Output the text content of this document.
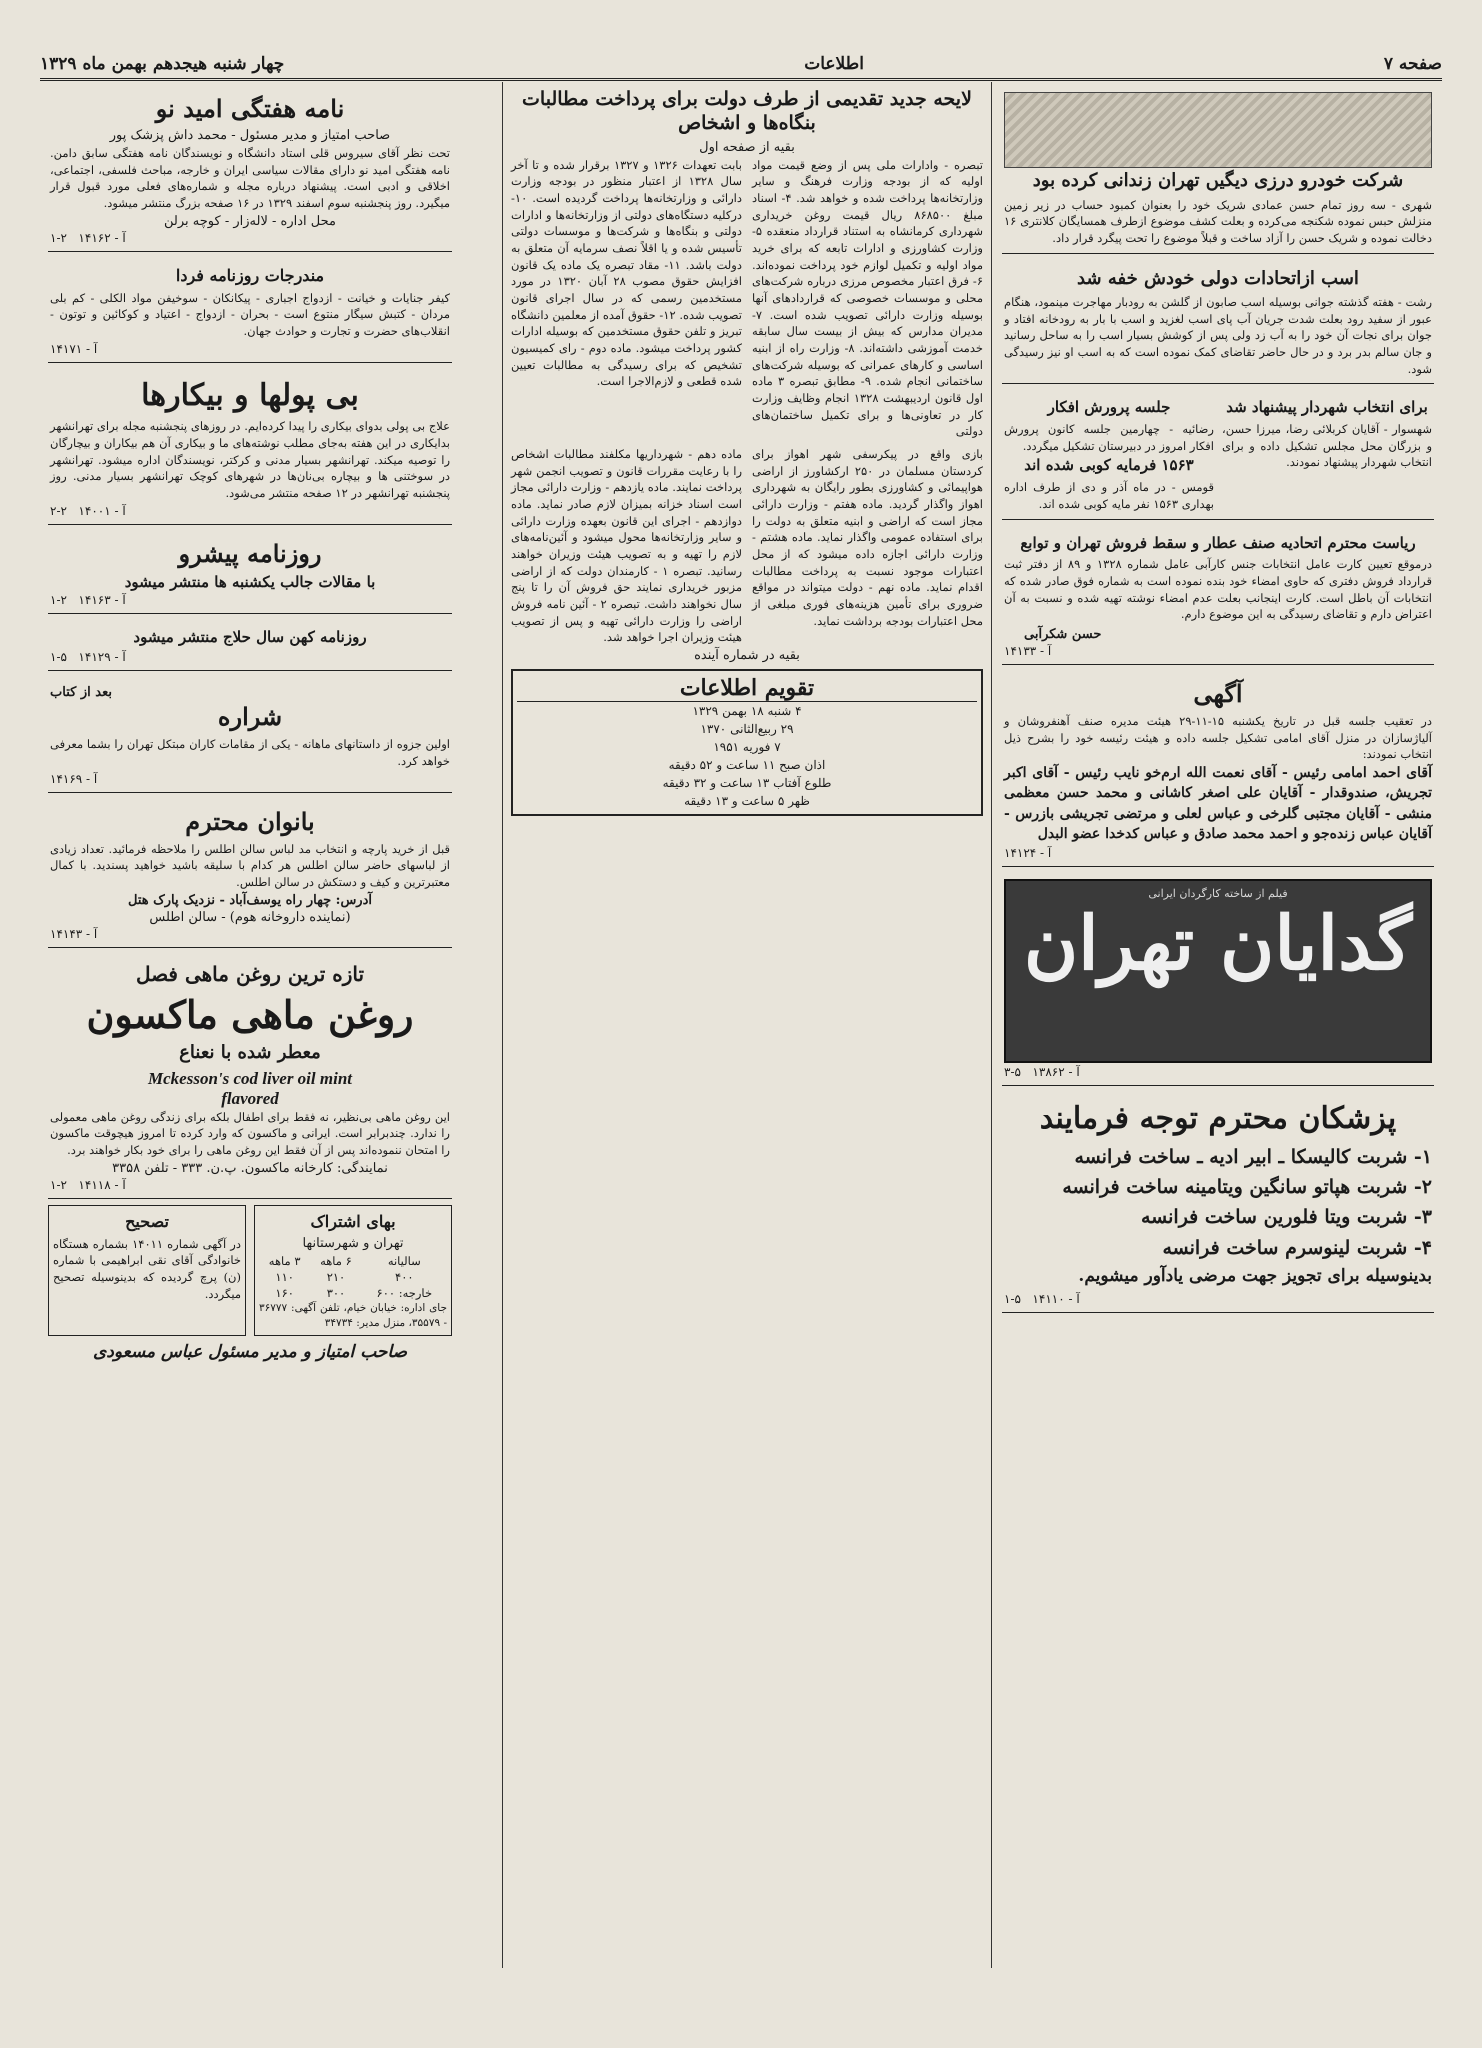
صفحه ۷
اطلاعات
چهار شنبه هیجدهم بهمن ماه ۱۳۲۹
شرکت خودرو درزی دیگیں تهران زندانی کرده بود
شهری - سه روز تمام حسن عمادی شریک خود را بعنوان کمبود حساب در زیر زمین منزلش حبس نموده شکنجه می‌کرده و بعلت کشف موضوع ازطرف همسایگان کلانتری ۱۶ دخالت نموده و شریک حسن را آزاد ساخت و قبلاً موضوع را تحت پیگرد قرار داد.
اسب ازاتحادات دولی خودش خفه شد
رشت - هفته گذشته جوانی بوسیله اسب صابون از گلشن به رودبار مهاجرت مینمود، هنگام عبور از سفید رود بعلت شدت جریان آب پای اسب لغزید و اسب با بار به رودخانه افتاد و جوان برای نجات آن خود را به آب زد ولی پس از کوشش بسیار اسب را به ساحل رسانید و جان سالم بدر برد و در حال حاضر تقاضای کمک نموده است که به اسب او نیز رسیدگی شود.
برای انتخاب شهردار پیشنهاد شد
شهسوار - آقایان کربلائی رضا، میرزا حسن، و بزرگان محل مجلس تشکیل داده و برای انتخاب شهردار پیشنهاد نمودند.
جلسه پرورش افکار
رضائیه - چهارمین جلسه کانون پرورش افکار امروز در دبیرستان تشکیل میگردد.
۱۵۶۳ فرمایه کوبی شده اند
قومس - در ماه آذر و دی از طرف اداره بهداری ۱۵۶۳ نفر مایه کوبی شده اند.
ریاست محترم اتحادیه صنف عطار و سقط فروش تهران و توابع
درموقع تعیین کارت عامل انتخابات جنس کارآبی عامل شماره ۱۳۲۸ و ۸۹ از دفتر ثبت قرارداد فروش دفتری که حاوی امضاء خود بنده نموده است به شماره فوق صادر شده که انتخابات آن باطل است. کارت اینجانب بعلت عدم امضاء نوشته تهیه شده و نسبت به آن اعتراض دارم و تقاضای رسیدگی به این موضوع دارم.
حسن شکرآبی
آ - ۱۴۱۳۳
آگهی
در تعقیب جلسه قبل در تاریخ یکشنبه ۱۵-۱۱-۲۹ هیئت مدیره صنف آهنفروشان و آلیاژسازان در منزل آقای امامی تشکیل جلسه داده و هیئت رئیسه خود را بشرح ذیل انتخاب نمودند:
آقای احمد امامی رئیس - آقای نعمت الله ارم‌خو نایب رئیس - آقای اکبر تجریش، صندوقدار - آقایان علی اصغر کاشانی و محمد حسن معظمی منشی - آقایان مجتبی گلرخی و عباس لعلی و مرتضی تجریشی بازرس - آقایان عباس زنده‌جو و احمد محمد صادق و عباس کدخدا عضو البدل
آ - ۱۴۱۲۴
فیلم از ساخته کارگردان ایرانی
گدایان تهران
آ - ۱۳۸۶۲   ۵-۳
پزشکان محترم توجه فرمایند
۱- شربت کالیسکا ـ ابیر ادیه ـ ساخت فرانسه
۲- شربت هپاتو سانگین ویتامینه ساخت فرانسه
۳- شربت ویتا فلورین ساخت فرانسه
۴- شربت لینوسرم ساخت فرانسه
بدینوسیله برای تجویز جهت مرضی یادآور میشویم.
آ - ۱۴۱۱۰   ۵-۱
لایحه جدید تقدیمی از طرف دولت برای پرداخت مطالبات بنگاه‌ها و اشخاص
بقیه از صفحه اول
تبصره - وادارات ملی پس از وضع قیمت مواد اولیه که از بودجه وزارت فرهنگ و سایر وزارتخانه‌ها پرداخت شده و خواهد شد. ۴- اسناد مبلغ ۸۶۸۵۰۰ ریال قیمت روغن خریداری شهرداری کرمانشاه به استناد قرارداد منعقده ۵- وزارت کشاورزی و ادارات تابعه که برای خرید مواد اولیه و تکمیل لوازم خود پرداخت نموده‌اند. ۶- فرق اعتبار مخصوص مرزی درباره شرکت‌های محلی و موسسات خصوصی که قراردادهای آنها بوسیله وزارت دارائی تصویب شده است. ۷- مدیران مدارس که بیش از بیست سال سابقه خدمت آموزشی داشته‌اند. ۸- وزارت راه از ابنیه اساسی و کارهای عمرانی که بوسیله شرکت‌های ساختمانی انجام شده. ۹- مطابق تبصره ۳ ماده اول قانون اردیبهشت ۱۳۲۸ انجام وظایف وزارت کار در تعاونی‌ها و برای تکمیل ساختمان‌های دولتی
بابت تعهدات ۱۳۲۶ و ۱۳۲۷ برقرار شده و تا آخر سال ۱۳۲۸ از اعتبار منظور در بودجه وزارت دارائی و وزارتخانه‌ها پرداخت گردیده است. ۱۰- درکلیه دستگاه‌های دولتی از وزارتخانه‌ها و ادارات دولتی و بنگاه‌ها و شرکت‌ها و موسسات دولتی تأسیس شده و یا اقلاً نصف سرمایه آن متعلق به دولت باشد. ۱۱- مقاد تبصره یک ماده یک قانون افزایش حقوق مصوب ۲۸ آبان ۱۳۲۰ در مورد مستخدمین رسمی که در سال اجرای قانون تصویب شده. ۱۲- حقوق آمده از معلمین دانشگاه تبریز و تلفن حقوق مستخدمین که بوسیله ادارات کشور پرداخت میشود. ماده دوم - رای کمیسیون تشخیص که برای رسیدگی به مطالبات تعیین شده قطعی و لازم‌الاجرا است.
بازی واقع در پیکرسفی شهر اهواز برای کردستان مسلمان در ۲۵۰ ارکشاورز از اراضی هواپیمائی و کشاورزی بطور رایگان به شهرداری اهواز واگذار گردید. ماده هفتم - وزارت دارائی مجاز است که اراضی و ابنیه متعلق به دولت را برای استفاده عمومی واگذار نماید. ماده هشتم - وزارت دارائی اجازه داده میشود که از محل اعتبارات موجود نسبت به پرداخت مطالبات اقدام نماید. ماده نهم - دولت میتواند در مواقع ضروری برای تأمین هزینه‌های فوری مبلغی از محل اعتبارات بودجه برداشت نماید.
ماده دهم - شهرداریها مکلفند مطالبات اشخاص را با رعایت مقررات قانون و تصویب انجمن شهر پرداخت نمایند. ماده یازدهم - وزارت دارائی مجاز است اسناد خزانه بمیزان لازم صادر نماید. ماده دوازدهم - اجرای این قانون بعهده وزارت دارائی و سایر وزارتخانه‌ها محول میشود و آئین‌نامه‌های لازم را تهیه و به تصویب هیئت وزیران خواهند رسانید. تبصره ۱ - کارمندان دولت که از اراضی مزبور خریداری نمایند حق فروش آن را تا پنج سال نخواهند داشت. تبصره ۲ - آئین نامه فروش اراضی را وزارت دارائی تهیه و پس از تصویب هیئت وزیران اجرا خواهد شد.
بقیه در شماره آینده
تقویم اطلاعات
۴ شنبه ۱۸ بهمن ۱۳۲۹
۲۹ ربیع‌الثانی ۱۳۷۰
۷ فوریه ۱۹۵۱
اذان صبح ۱۱ ساعت و ۵۲ دقیقه
طلوع آفتاب ۱۳ ساعت و ۳۲ دقیقه
ظهر ۵ ساعت و ۱۳ دقیقه
نامه هفتگی امید نو
صاحب امتیاز و مدیر مسئول - محمد داش پزشک پور
تحت نظر آقای سیروس قلی استاد دانشگاه و نویسندگان نامه هفتگی سابق دامن. نامه هفتگی امید نو دارای مقالات سیاسی ایران و خارجه، مباحث فلسفی، اجتماعی، اخلاقی و ادبی است. پیشنهاد درباره مجله و شماره‌های فعلی مورد قبول قرار میگیرد. روز پنجشنبه سوم اسفند ۱۳۲۹ در ۱۶ صفحه بزرگ منتشر میشود.
محل اداره - لاله‌زار - کوچه برلن
آ - ۱۴۱۶۲   ۲-۱
مندرجات روزنامه فردا
کیفر جنایات و خیانت - ازدواج اجباری - پیکانکان - سوخیفن مواد الکلی - کم بلی مردان - کتبش سیگار منتوع است - بحران - ازدواج - اعتیاد و کوکائین و توتون - انقلاب‌های حضرت و تجارت و حوادث جهان.
آ - ۱۴۱۷۱
بی پولها و بیکارها
علاج بی پولی بدوای بیکاری را پیدا کرده‌ایم. در روزهای پنجشنبه مجله برای تهرانشهر بدایکاری در این هفته به‌جای مطلب نوشته‌های ما و بیکاری آن هم بیکاران و بیچارگان را توصیه میکند. تهرانشهر بسیار مدنی و کرکتر، نویسندگان اداره میشود. تهرانشهر در سوختنی ها و بیچاره بی‌نان‌ها در شهرهای کوچک تهرانشهر بسیار مدنی. روز پنجشنبه تهرانشهر در ۱۲ صفحه منتشر می‌شود.
آ - ۱۴۰۰۱   ۲-۲
روزنامه پیشرو
با مقالات جالب یکشنبه ها منتشر میشود
آ - ۱۴۱۶۳   ۲-۱
روزنامه کهن سال حلاج منتشر میشود
آ - ۱۴۱۲۹   ۵-۱
بعد از کتاب
شراره
اولین جزوه از داستانهای ماهانه - یکی از مقامات کاران مبتکل تهران را بشما معرفی خواهد کرد.
آ - ۱۴۱۶۹
بانوان محترم
قبل از خرید پارچه و انتخاب مد لباس سالن اطلس را ملاحظه فرمائید. تعداد زیادی از لباسهای حاضر سالن اطلس هر کدام با سلیقه باشید خواهید پسندید. با کمال معتبرترین و کیف و دستکش در سالن اطلس.
آدرس: چهار راه یوسف‌آباد - نزدیک پارک هتل
(نماینده داروخانه هوم) - سالن اطلس
آ - ۱۴۱۴۳
تازه ترین روغن ماهی فصل
روغن ماهی ماکسون
معطر شده با نعناع
Mckesson's cod liver oil mint
flavored
این روغن ماهی بی‌نظیر، نه فقط برای اطفال بلکه برای زندگی روغن ماهی معمولی را ندارد. چندبرابر است. ایرانی و ماکسون که وارد کرده تا امروز هیچوقت ماکسون را امتحان ننموده‌اند پس از آن فقط این روغن ماهی را برای خود بکار خواهند برد.
نمایندگی: کارخانه ماکسون. پ.ن. ۳۳۳ - تلفن ۳۳۵۸
آ - ۱۴۱۱۸   ۲-۱
بهای اشتراک
تهران و شهرستانها
سالیانه	۶ ماهه	۳ ماهه
۴۰۰	۲۱۰	۱۱۰
خارجه: ۶۰۰	۳۰۰	۱۶۰
جای اداره: خیابان خیام، تلفن آگهی: ۳۶۷۷۷ - ۳۵۵۷۹، منزل مدیر: ۳۴۷۳۴
تصحیح
در آگهی شماره ۱۴۰۱۱ بشماره هستگاه خانوادگی آقای نقی ابراهیمی با شماره (ن) پرچ گردیده که بدینوسیله تصحیح میگردد.
صاحب امتیاز و مدیر مسئول عباس مسعودی
